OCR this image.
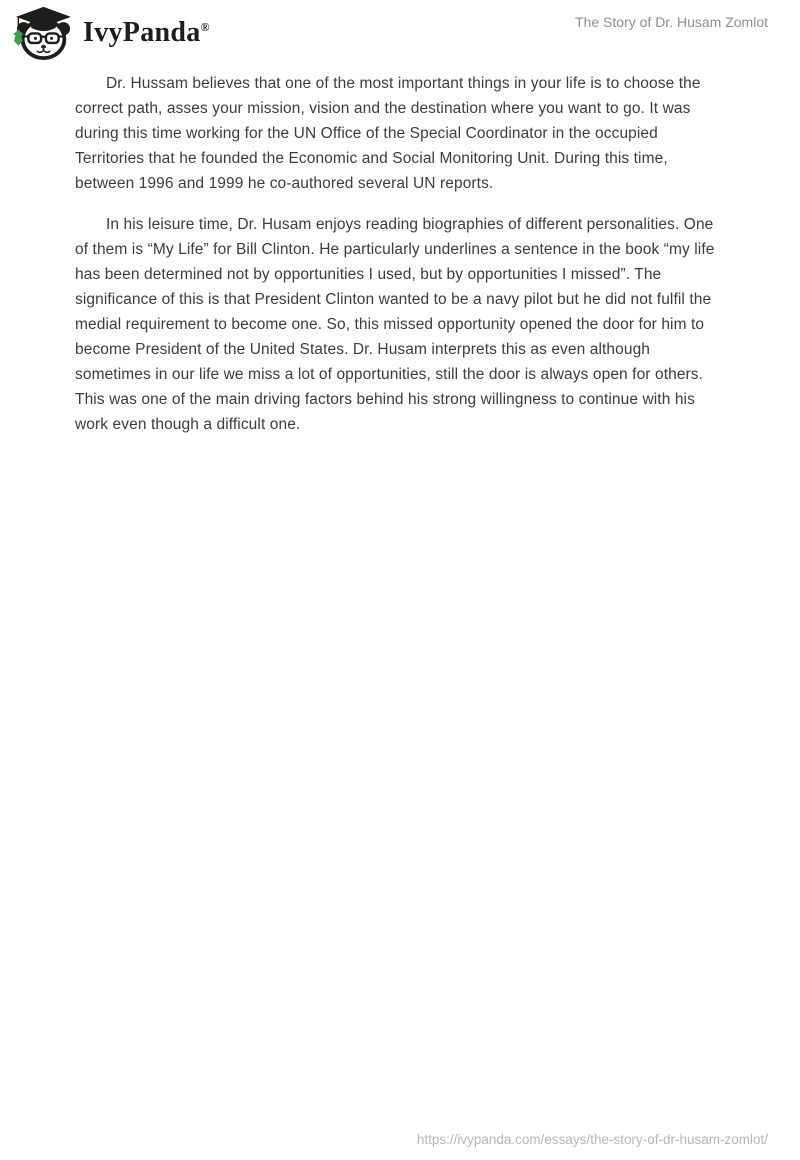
IvyPanda®	The Story of Dr. Husam Zomlot

Dr. Hussam believes that one of the most important things in your life is to choose the correct path, asses your mission, vision and the destination where you want to go. It was during this time working for the UN Office of the Special Coordinator in the occupied Territories that he founded the Economic and Social Monitoring Unit. During this time, between 1996 and 1999 he co-authored several UN reports.

In his leisure time, Dr. Husam enjoys reading biographies of different personalities. One of them is “My Life” for Bill Clinton. He particularly underlines a sentence in the book “my life has been determined not by opportunities I used, but by opportunities I missed”. The significance of this is that President Clinton wanted to be a navy pilot but he did not fulfil the medial requirement to become one. So, this missed opportunity opened the door for him to become President of the United States. Dr. Husam interprets this as even although sometimes in our life we miss a lot of opportunities, still the door is always open for others. This was one of the main driving factors behind his strong willingness to continue with his work even though a difficult one.

https://ivypanda.com/essays/the-story-of-dr-husam-zomlot/
